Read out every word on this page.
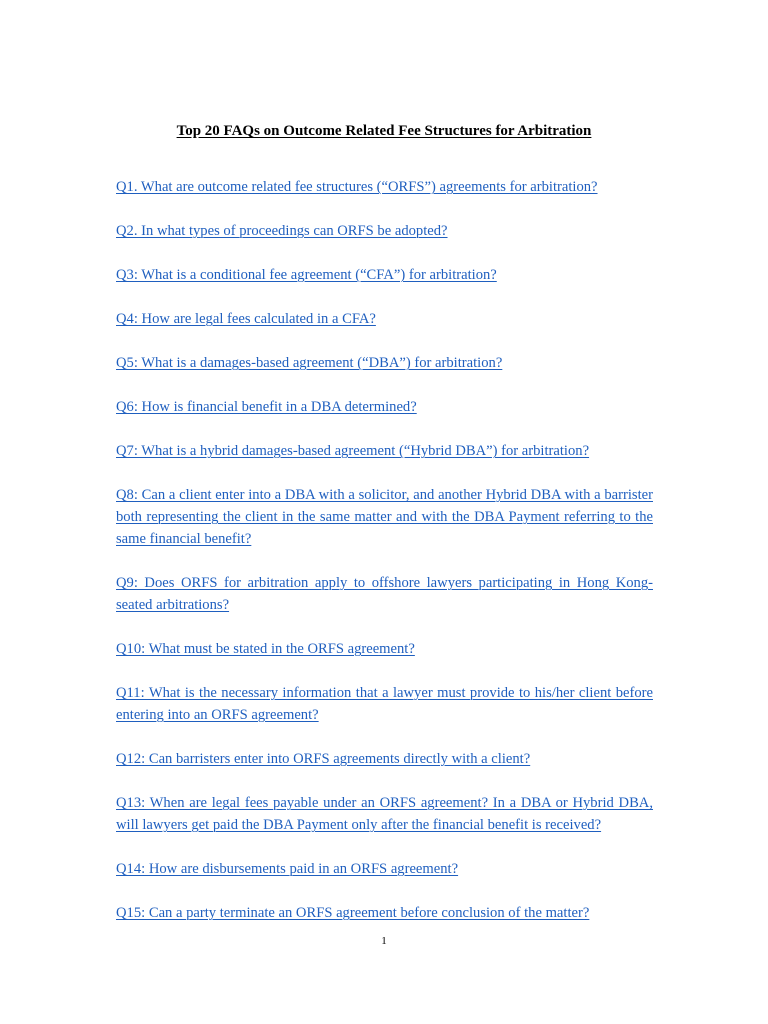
Top 20 FAQs on Outcome Related Fee Structures for Arbitration
Q1. What are outcome related fee structures (“ORFS”) agreements for arbitration?
Q2. In what types of proceedings can ORFS be adopted?
Q3: What is a conditional fee agreement (“CFA”) for arbitration?
Q4: How are legal fees calculated in a CFA?
Q5: What is a damages-based agreement (“DBA”) for arbitration?
Q6: How is financial benefit in a DBA determined?
Q7: What is a hybrid damages-based agreement (“Hybrid DBA”) for arbitration?
Q8: Can a client enter into a DBA with a solicitor, and another Hybrid DBA with a barrister both representing the client in the same matter and with the DBA Payment referring to the same financial benefit?
Q9: Does ORFS for arbitration apply to offshore lawyers participating in Hong Kong-seated arbitrations?
Q10: What must be stated in the ORFS agreement?
Q11: What is the necessary information that a lawyer must provide to his/her client before entering into an ORFS agreement?
Q12: Can barristers enter into ORFS agreements directly with a client?
Q13: When are legal fees payable under an ORFS agreement? In a DBA or Hybrid DBA, will lawyers get paid the DBA Payment only after the financial benefit is received?
Q14: How are disbursements paid in an ORFS agreement?
Q15: Can a party terminate an ORFS agreement before conclusion of the matter?
1
